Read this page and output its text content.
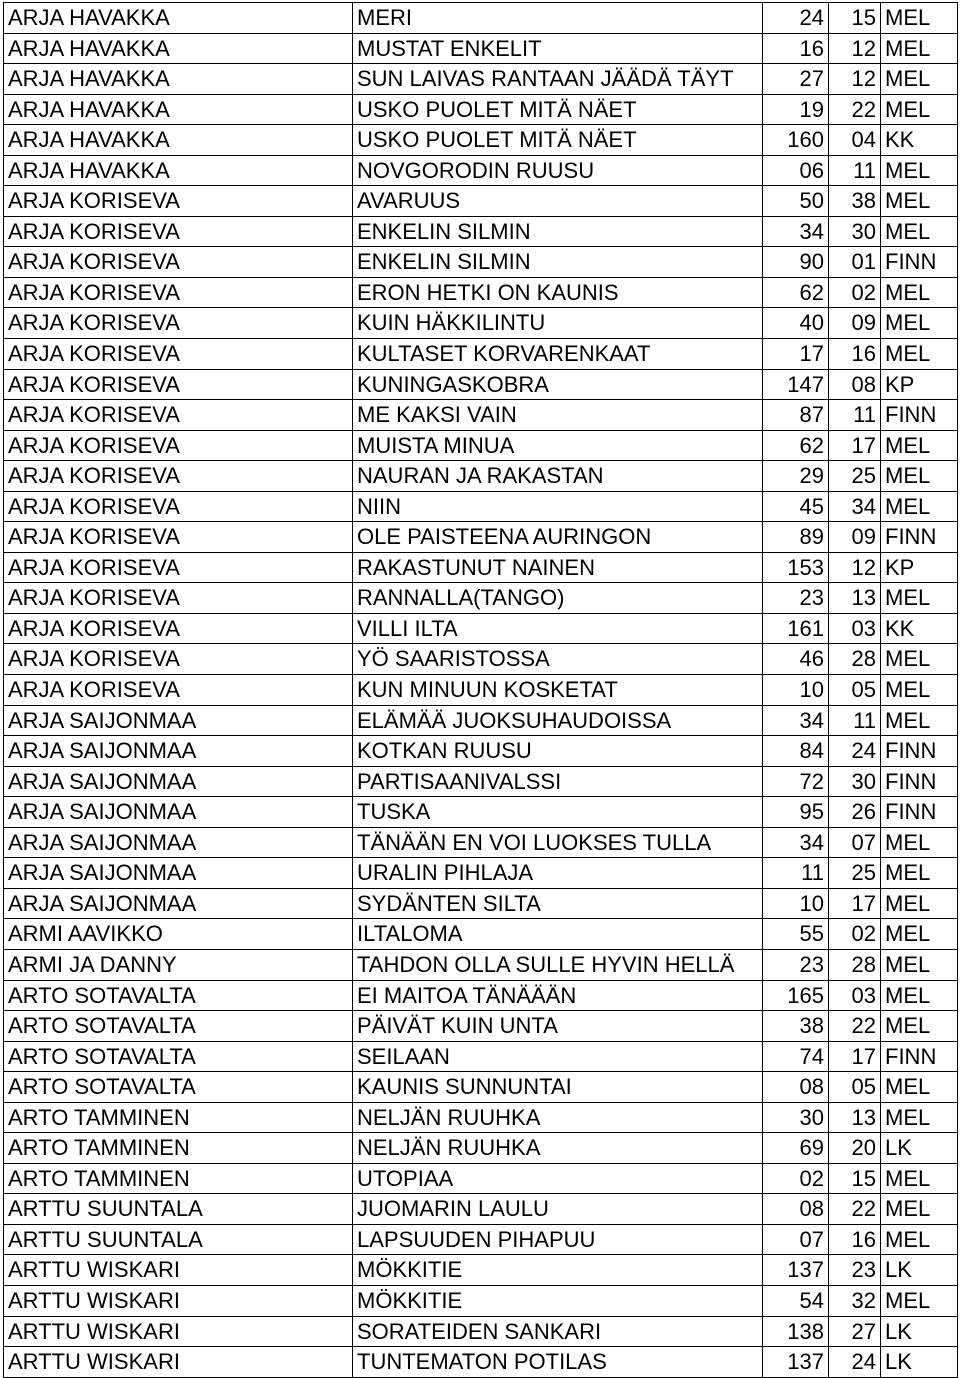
ARJA HAVAKKA	MERI	24	15	MEL
ARJA HAVAKKA	MUSTAT ENKELIT	16	12	MEL
ARJA HAVAKKA	SUN LAIVAS RANTAAN JÄÄDÄ TÄYT	27	12	MEL
ARJA HAVAKKA	USKO PUOLET MITÄ NÄET	19	22	MEL
ARJA HAVAKKA	USKO PUOLET MITÄ NÄET	160	04	KK
ARJA HAVAKKA	NOVGORODIN RUUSU	06	11	MEL
ARJA KORISEVA	AVARUUS	50	38	MEL
ARJA KORISEVA	ENKELIN SILMIN	34	30	MEL
ARJA KORISEVA	ENKELIN SILMIN	90	01	FINN
ARJA KORISEVA	ERON HETKI ON KAUNIS	62	02	MEL
ARJA KORISEVA	KUIN HÄKKILINTU	40	09	MEL
ARJA KORISEVA	KULTASET KORVARENKAAT	17	16	MEL
ARJA KORISEVA	KUNINGASKOBRA	147	08	KP
ARJA KORISEVA	ME KAKSI VAIN	87	11	FINN
ARJA KORISEVA	MUISTA MINUA	62	17	MEL
ARJA KORISEVA	NAURAN JA RAKASTAN	29	25	MEL
ARJA KORISEVA	NIIN	45	34	MEL
ARJA KORISEVA	OLE PAISTEENA AURINGON	89	09	FINN
ARJA KORISEVA	RAKASTUNUT NAINEN	153	12	KP
ARJA KORISEVA	RANNALLA(TANGO)	23	13	MEL
ARJA KORISEVA	VILLI ILTA	161	03	KK
ARJA KORISEVA	YÖ SAARISTOSSA	46	28	MEL
ARJA KORISEVA	KUN MINUUN KOSKETAT	10	05	MEL
ARJA SAIJONMAA	ELÄMÄÄ JUOKSUHAUDOISSA	34	11	MEL
ARJA SAIJONMAA	KOTKAN RUUSU	84	24	FINN
ARJA SAIJONMAA	PARTISAANIVALSSI	72	30	FINN
ARJA SAIJONMAA	TUSKA	95	26	FINN
ARJA SAIJONMAA	TÄNÄÄN EN VOI LUOKSES TULLA	34	07	MEL
ARJA SAIJONMAA	URALIN PIHLAJA	11	25	MEL
ARJA SAIJONMAA	SYDÄNTEN SILTA	10	17	MEL
ARMI AAVIKKO	ILTALOMA	55	02	MEL
ARMI JA DANNY	TAHDON OLLA SULLE HYVIN HELLÄ	23	28	MEL
ARTO SOTAVALTA	EI MAITOA TÄNÄÄÄN	165	03	MEL
ARTO SOTAVALTA	PÄIVÄT KUIN UNTA	38	22	MEL
ARTO SOTAVALTA	SEILAAN	74	17	FINN
ARTO SOTAVALTA	KAUNIS SUNNUNTAI	08	05	MEL
ARTO TAMMINEN	NELJÄN RUUHKA	30	13	MEL
ARTO TAMMINEN	NELJÄN RUUHKA	69	20	LK
ARTO TAMMINEN	UTOPIAA	02	15	MEL
ARTTU SUUNTALA	JUOMARIN LAULU	08	22	MEL
ARTTU SUUNTALA	LAPSUUDEN PIHAPUU	07	16	MEL
ARTTU WISKARI	MÖKKITIE	137	23	LK
ARTTU WISKARI	MÖKKITIE	54	32	MEL
ARTTU WISKARI	SORATEIDEN SANKARI	138	27	LK
ARTTU WISKARI	TUNTEMATON POTILAS	137	24	LK
